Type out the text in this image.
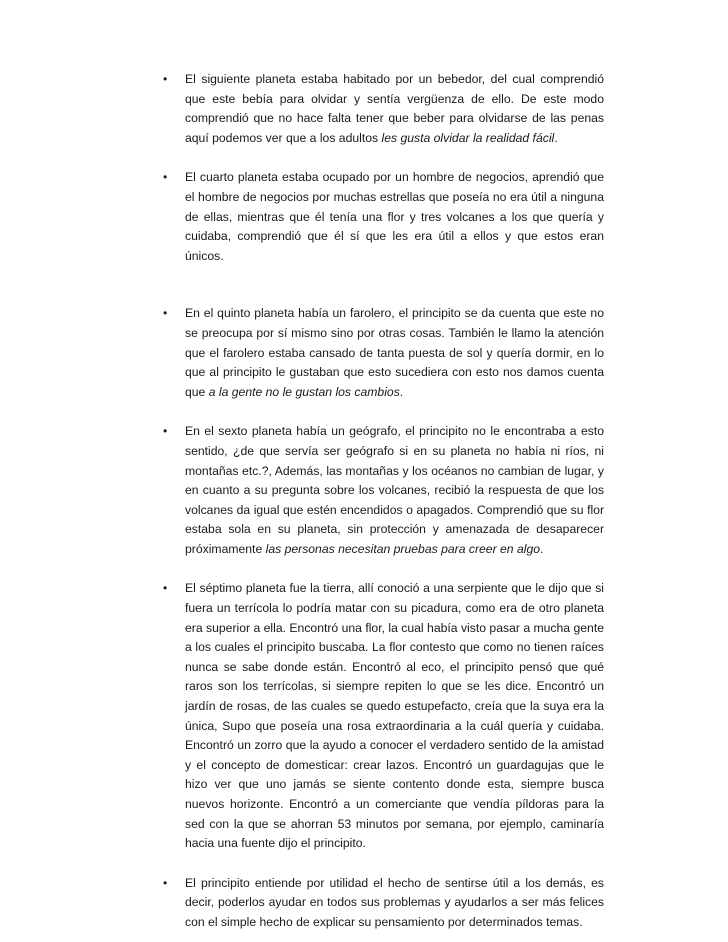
• El siguiente planeta estaba habitado por un bebedor, del cual comprendió que este bebía para olvidar y sentía vergüenza de ello. De este modo comprendió que no hace falta tener que beber para olvidarse de las penas aquí podemos ver que a los adultos les gusta olvidar la realidad fácil.

• El cuarto planeta estaba ocupado por un hombre de negocios, aprendió que el hombre de negocios por muchas estrellas que poseía no era útil a ninguna de ellas, mientras que él tenía una flor y tres volcanes a los que quería y cuidaba, comprendió que él sí que les era útil a ellos y que estos eran únicos.

• En el quinto planeta había un farolero, el principito se da cuenta que este no se preocupa por sí mismo sino por otras cosas. También le llamo la atención que el farolero estaba cansado de tanta puesta de sol y quería dormir, en lo que al principito le gustaban que esto sucediera con esto nos damos cuenta que a la gente no le gustan los cambios.

• En el sexto planeta había un geógrafo, el principito no le encontraba a esto sentido, ¿de que servía ser geógrafo si en su planeta no había ni ríos, ni montañas etc.?, Además, las montañas y los océanos no cambian de lugar, y en cuanto a su pregunta sobre los volcanes, recibió la respuesta de que los volcanes da igual que estén encendidos o apagados. Comprendió que su flor estaba sola en su planeta, sin protección y amenazada de desaparecer próximamente las personas necesitan pruebas para creer en algo.

• El séptimo planeta fue la tierra, allí conoció a una serpiente que le dijo que si fuera un terrícola lo podría matar con su picadura, como era de otro planeta era superior a ella. Encontró una flor, la cual había visto pasar a mucha gente a los cuales el principito buscaba. La flor contesto que como no tienen raíces nunca se sabe donde están. Encontró al eco, el principito pensó que qué raros son los terrícolas, si siempre repiten lo que se les dice. Encontró un jardín de rosas, de las cuales se quedo estupefacto, creía que la suya era la única, Supo que poseía una rosa extraordinaria a la cuál quería y cuidaba. Encontró un zorro que la ayudo a conocer el verdadero sentido de la amistad y el concepto de domesticar: crear lazos. Encontró un guardagujas que le hizo ver que uno jamás se siente contento donde esta, siempre busca nuevos horizonte. Encontró a un comerciante que vendía píldoras para la sed con la que se ahorran 53 minutos por semana, por ejemplo, caminaría hacia una fuente dijo el principito.

• El principito entiende por utilidad el hecho de sentirse útil a los demás, es decir, poderlos ayudar en todos sus problemas y ayudarlos a ser más felices con el simple hecho de explicar su pensamiento por determinados temas.
